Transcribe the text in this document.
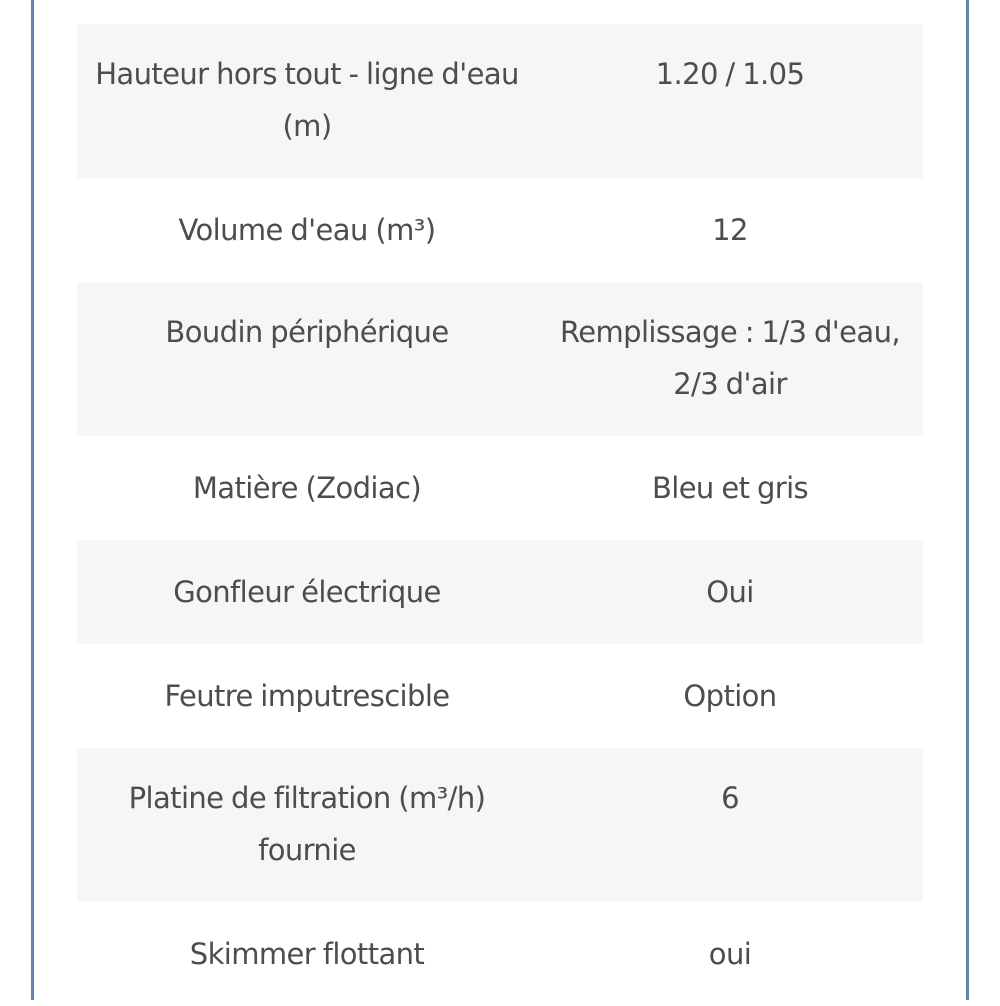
Hauteur hors tout - ligne d'eau (m)	1.20 / 1.05
Volume d'eau (m³)	12
Boudin périphérique	Remplissage : 1/3 d'eau, 2/3 d'air
Matière (Zodiac)	Bleu et gris
Gonfleur électrique	Oui
Feutre imputrescible	Option
Platine de filtration (m³/h) fournie	6
Skimmer flottant	oui
